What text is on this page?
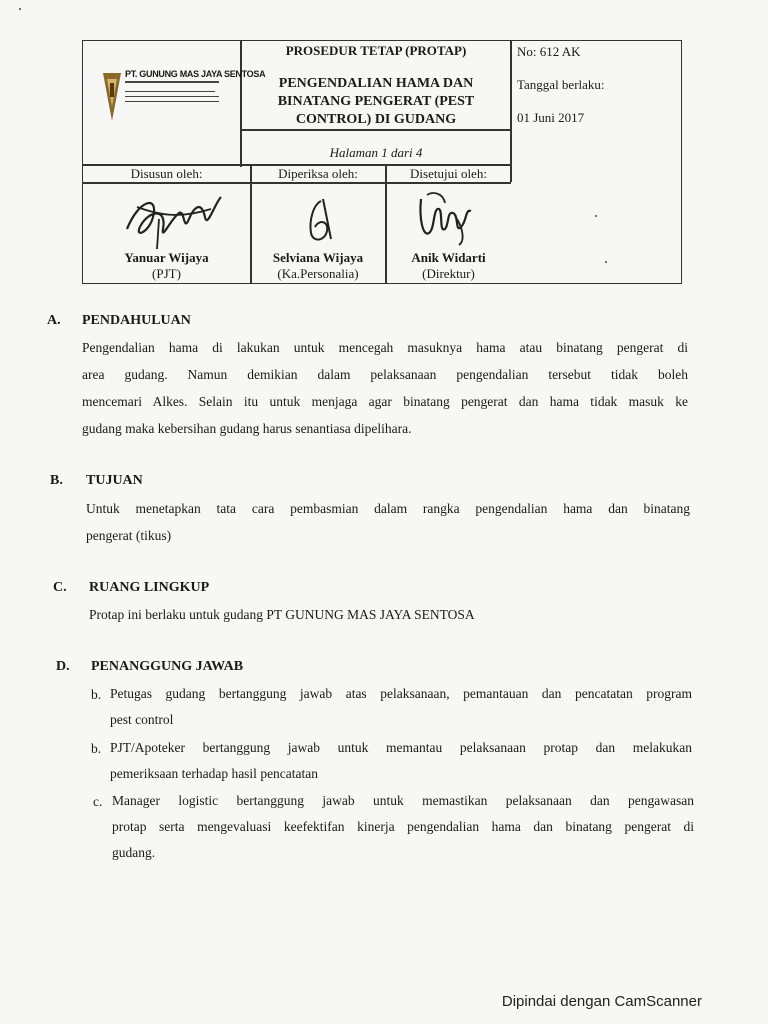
PT. GUNUNG MAS JAYA SENTOSA
PROSEDUR TETAP (PROTAP)
PENGENDALIAN HAMA DAN
BINATANG PENGERAT (PEST
CONTROL) DI GUDANG
Halaman 1 dari 4
No: 612 AK
Tanggal berlaku:
01 Juni 2017
Disusun oleh:
Yanuar Wijaya
(PJT)
Diperiksa oleh:
Selviana Wijaya
(Ka.Personalia)
Disetujui oleh:
Anik Widarti
(Direktur)
A. PENDAHULUAN
Pengendalian hama di lakukan untuk mencegah masuknya hama atau binatang pengerat di
area gudang. Namun demikian dalam pelaksanaan pengendalian tersebut tidak boleh
mencemari Alkes. Selain itu untuk menjaga agar binatang pengerat dan hama tidak masuk ke
gudang maka kebersihan gudang harus senantiasa dipelihara.
B. TUJUAN
Untuk menetapkan tata cara pembasmian dalam rangka pengendalian hama dan binatang
pengerat (tikus)
C. RUANG LINGKUP
Protap ini berlaku untuk gudang PT GUNUNG MAS JAYA SENTOSA
D. PENANGGUNG JAWAB
b. Petugas gudang bertanggung jawab atas pelaksanaan, pemantauan dan pencatatan program
pest control
b. PJT/Apoteker bertanggung jawab untuk memantau pelaksanaan protap dan melakukan
pemeriksaan terhadap hasil pencatatan
c. Manager logistic bertanggung jawab untuk memastikan pelaksanaan dan pengawasan
protap serta mengevaluasi keefektifan kinerja pengendalian hama dan binatang pengerat di
gudang.
Dipindai dengan CamScanner
